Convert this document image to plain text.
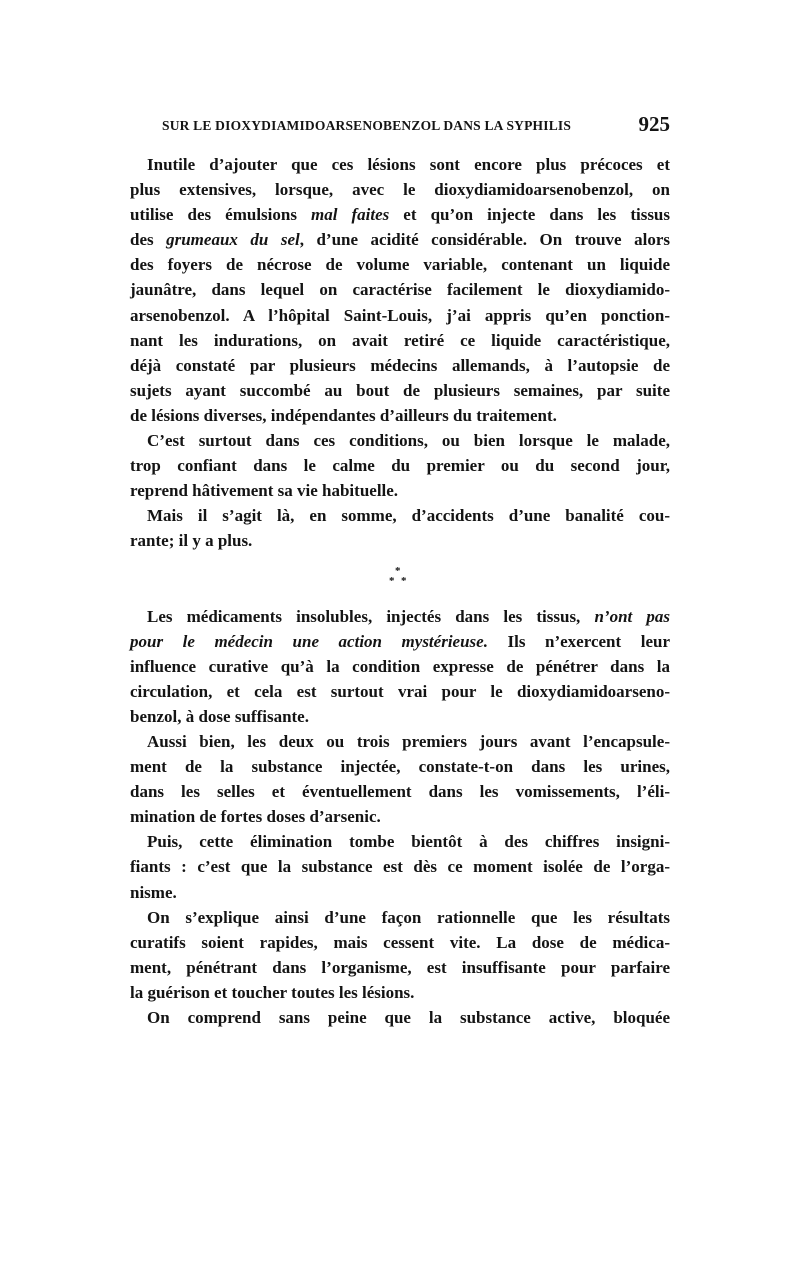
SUR LE DIOXYDIAMIDOARSENOBENZOL DANS LA SYPHILIS	925
Inutile d’ajouter que ces lésions sont encore plus précoces et
plus extensives, lorsque, avec le dioxydiamidoarsenobenzol, on
utilise des émulsions mal faites et qu’on injecte dans les tissus
des grumeaux du sel, d’une acidité considérable. On trouve alors
des foyers de nécrose de volume variable, contenant un liquide
jaunâtre, dans lequel on caractérise facilement le dioxydiamido-
arsenobenzol. A l’hôpital Saint-Louis, j’ai appris qu’en ponction-
nant les indurations, on avait retiré ce liquide caractéristique,
déjà constaté par plusieurs médecins allemands, à l’autopsie de
sujets ayant succombé au bout de plusieurs semaines, par suite
de lésions diverses, indépendantes d’ailleurs du traitement.
C’est surtout dans ces conditions, ou bien lorsque le malade,
trop confiant dans le calme du premier ou du second jour,
reprend hâtivement sa vie habituelle.
Mais il s’agit là, en somme, d’accidents d’une banalité cou-
rante; il y a plus.
*
* *
Les médicaments insolubles, injectés dans les tissus, n’ont pas
pour le médecin une action mystérieuse. Ils n’exercent leur
influence curative qu’à la condition expresse de pénétrer dans la
circulation, et cela est surtout vrai pour le dioxydiamidoarseno-
benzol, à dose suffisante.
Aussi bien, les deux ou trois premiers jours avant l’encapsule-
ment de la substance injectée, constate-t-on dans les urines,
dans les selles et éventuellement dans les vomissements, l’éli-
mination de fortes doses d’arsenic.
Puis, cette élimination tombe bientôt à des chiffres insigni-
fiants : c’est que la substance est dès ce moment isolée de l’orga-
nisme.
On s’explique ainsi d’une façon rationnelle que les résultats
curatifs soient rapides, mais cessent vite. La dose de médica-
ment, pénétrant dans l’organisme, est insuffisante pour parfaire
la guérison et toucher toutes les lésions.
On comprend sans peine que la substance active, bloquée
